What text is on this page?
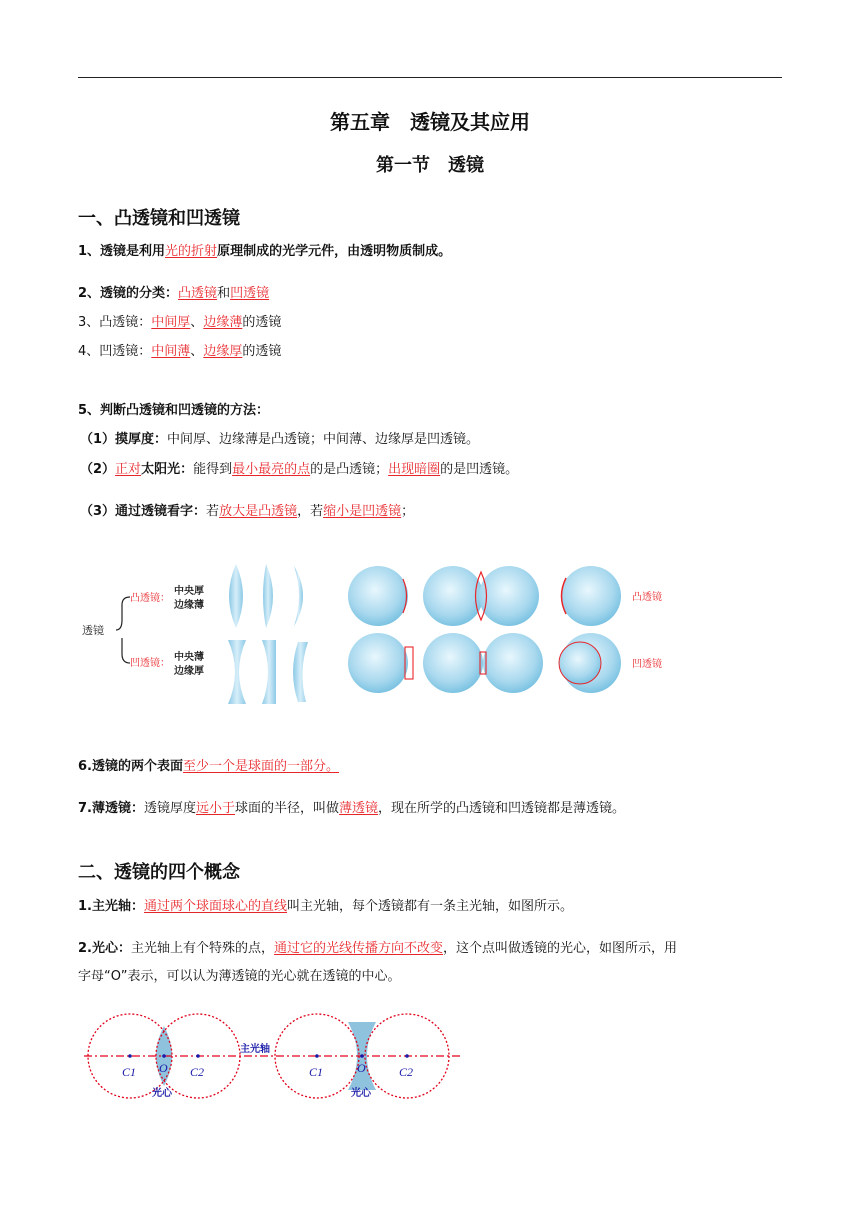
第五章　透镜及其应用
第一节　透镜
一、凸透镜和凹透镜
1、透镜是利用光的折射原理制成的光学元件，由透明物质制成。
2、透镜的分类：凸透镜和凹透镜
3、凸透镜：中间厚、边缘薄的透镜
4、凹透镜：中间薄、边缘厚的透镜
5、判断凸透镜和凹透镜的方法：
（1）摸厚度：中间厚、边缘薄是凸透镜；中间薄、边缘厚是凹透镜。
（2）正对太阳光：能得到最小最亮的点的是凸透镜；出现暗圈的是凹透镜。
（3）通过透镜看字：若放大是凸透镜，若缩小是凹透镜；
透镜
凸透镜：
凹透镜：
中央厚
边缘薄
中央薄
边缘厚
凸透镜
凹透镜
6.透镜的两个表面至少一个是球面的一部分。
7.薄透镜：透镜厚度远小于球面的半径，叫做薄透镜，现在所学的凸透镜和凹透镜都是薄透镜。
二、透镜的四个概念
1.主光轴：通过两个球面球心的直线叫主光轴，每个透镜都有一条主光轴，如图所示。
2.光心：主光轴上有个特殊的点，通过它的光线传播方向不改变，这个点叫做透镜的光心，如图所示，用
字母“O”表示，可以认为薄透镜的光心就在透镜的中心。
C1 O C2	C1	O	C2
主光轴
光心	光心
